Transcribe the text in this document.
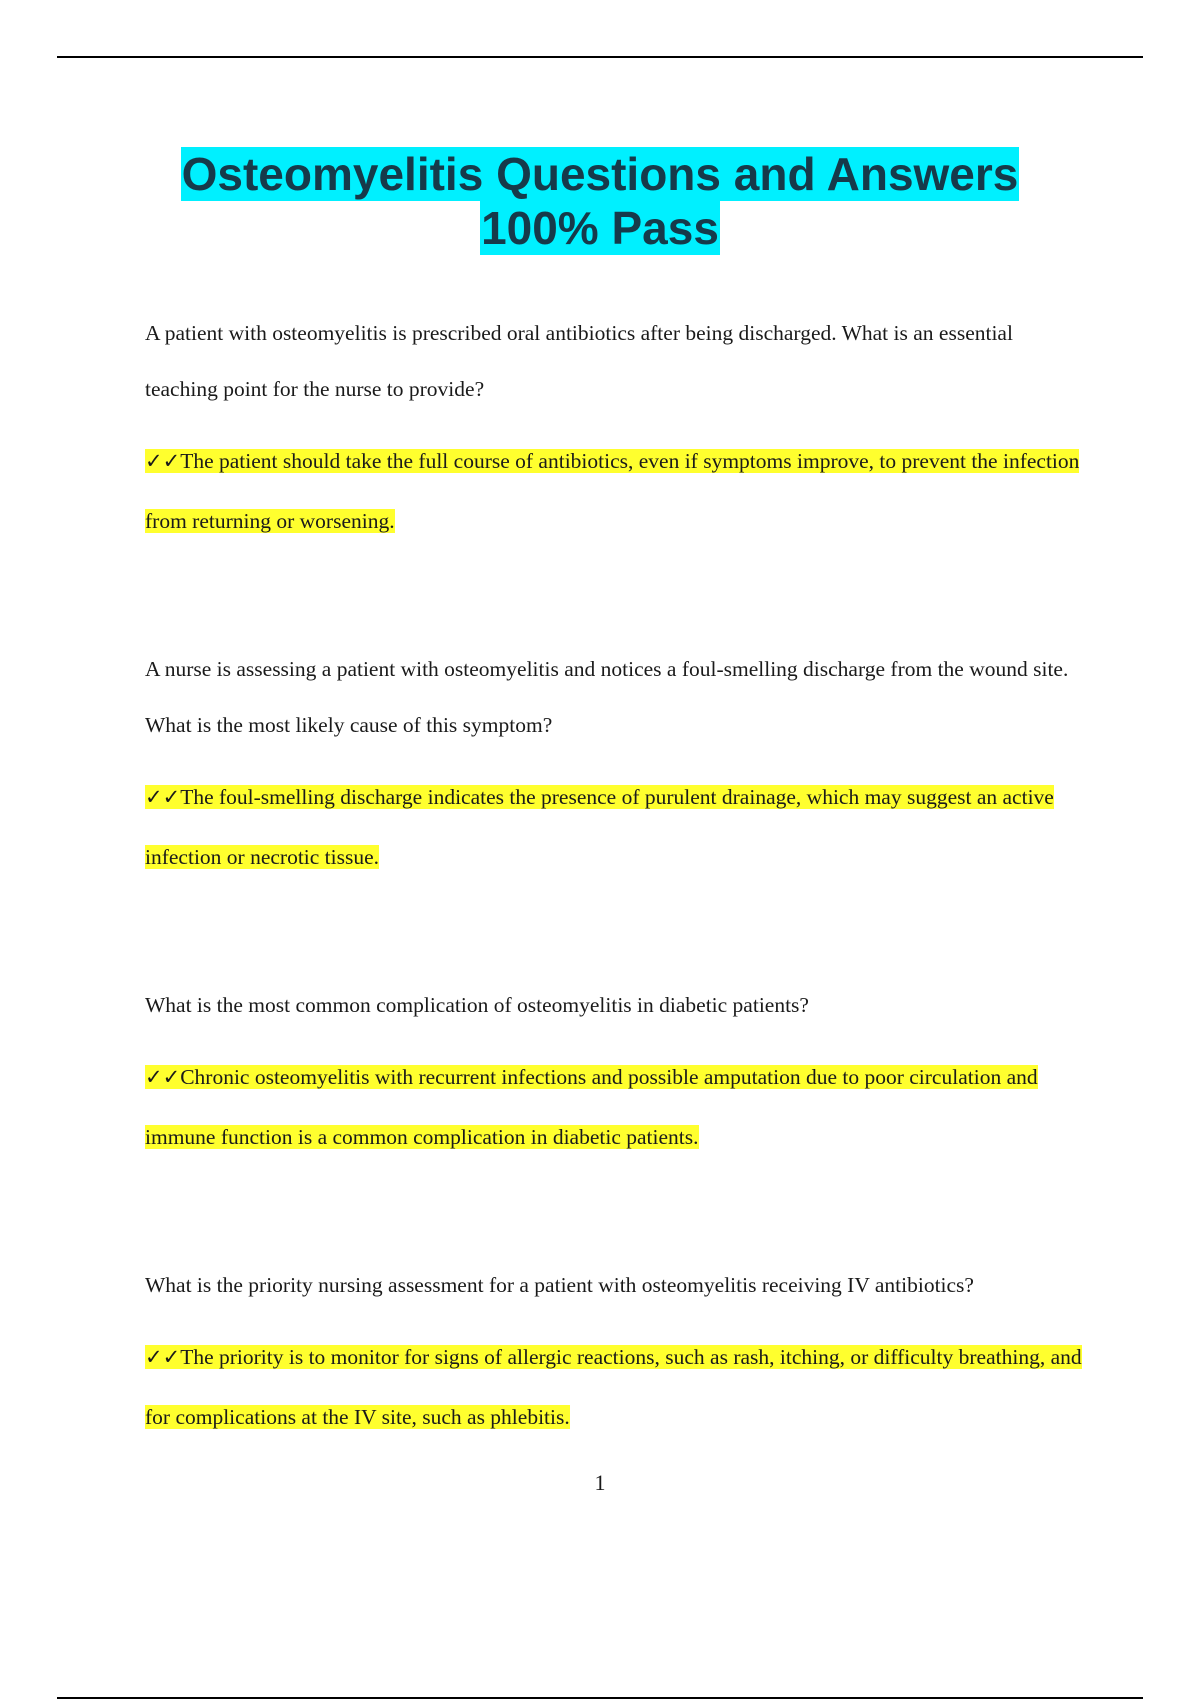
Osteomyelitis Questions and Answers
100% Pass

A patient with osteomyelitis is prescribed oral antibiotics after being discharged. What is an essential teaching point for the nurse to provide?

✓✓The patient should take the full course of antibiotics, even if symptoms improve, to prevent the infection from returning or worsening.

A nurse is assessing a patient with osteomyelitis and notices a foul-smelling discharge from the wound site. What is the most likely cause of this symptom?

✓✓The foul-smelling discharge indicates the presence of purulent drainage, which may suggest an active infection or necrotic tissue.

What is the most common complication of osteomyelitis in diabetic patients?

✓✓Chronic osteomyelitis with recurrent infections and possible amputation due to poor circulation and immune function is a common complication in diabetic patients.

What is the priority nursing assessment for a patient with osteomyelitis receiving IV antibiotics?

✓✓The priority is to monitor for signs of allergic reactions, such as rash, itching, or difficulty breathing, and for complications at the IV site, such as phlebitis.

1
